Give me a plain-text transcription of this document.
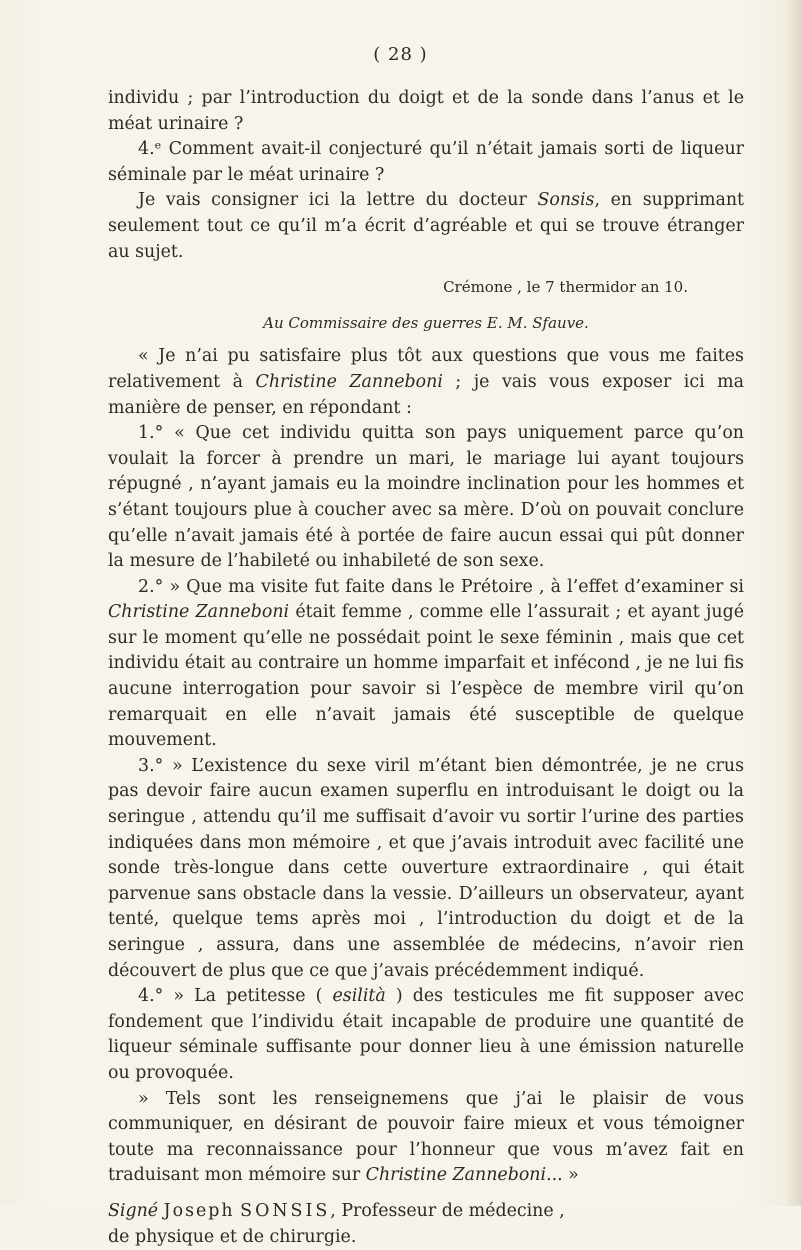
( 28 )

individu ; par l’introduction du doigt et de la sonde dans l’anus et le méat urinaire ?

4.ᵉ Comment avait-il conjecturé qu’il n’était jamais sorti de liqueur séminale par le méat urinaire ?

Je vais consigner ici la lettre du docteur Sonsis, en supprimant seulement tout ce qu’il m’a écrit d’agréable et qui se trouve étranger au sujet.

Crémone , le 7 thermidor an 10.

Au Commissaire des guerres E. M. Sfauve.

« Je n’ai pu satisfaire plus tôt aux questions que vous me faites relativement à Christine Zanneboni ; je vais vous exposer ici ma manière de penser, en répondant :

1.° « Que cet individu quitta son pays uniquement parce qu’on voulait la forcer à prendre un mari, le mariage lui ayant toujours répugné , n’ayant jamais eu la moindre inclination pour les hommes et s’étant toujours plue à coucher avec sa mère. D’où on pouvait conclure qu’elle n’avait jamais été à portée de faire aucun essai qui pût donner la mesure de l’habileté ou inhabileté de son sexe.

2.° » Que ma visite fut faite dans le Prétoire , à l’effet d’examiner si Christine Zanneboni était femme , comme elle l’assurait ; et ayant jugé sur le moment qu’elle ne possédait point le sexe féminin , mais que cet individu était au contraire un homme imparfait et infécond , je ne lui fis aucune interrogation pour savoir si l’espèce de membre viril qu’on remarquait en elle n’avait jamais été susceptible de quelque mouvement.

3.° » L’existence du sexe viril m’étant bien démontrée, je ne crus pas devoir faire aucun examen superflu en introduisant le doigt ou la seringue , attendu qu’il me suffisait d’avoir vu sortir l’urine des parties indiquées dans mon mémoire , et que j’avais introduit avec facilité une sonde très-longue dans cette ouverture extraordinaire , qui était parvenue sans obstacle dans la vessie. D’ailleurs un observateur, ayant tenté, quelque tems après moi , l’introduction du doigt et de la seringue , assura, dans une assemblée de médecins, n’avoir rien découvert de plus que ce que j’avais précédemment indiqué.

4.° » La petitesse ( esilità ) des testicules me fit supposer avec fondement que l’individu était incapable de produire une quantité de liqueur séminale suffisante pour donner lieu à une émission naturelle ou provoquée.

» Tels sont les renseignemens que j’ai le plaisir de vous communiquer, en désirant de pouvoir faire mieux et vous témoigner toute ma reconnaissance pour l’honneur que vous m’avez fait en traduisant mon mémoire sur Christine Zanneboni... »

Signé Joseph SONSIS, Professeur de médecine ,

de physique et de chirurgie.
